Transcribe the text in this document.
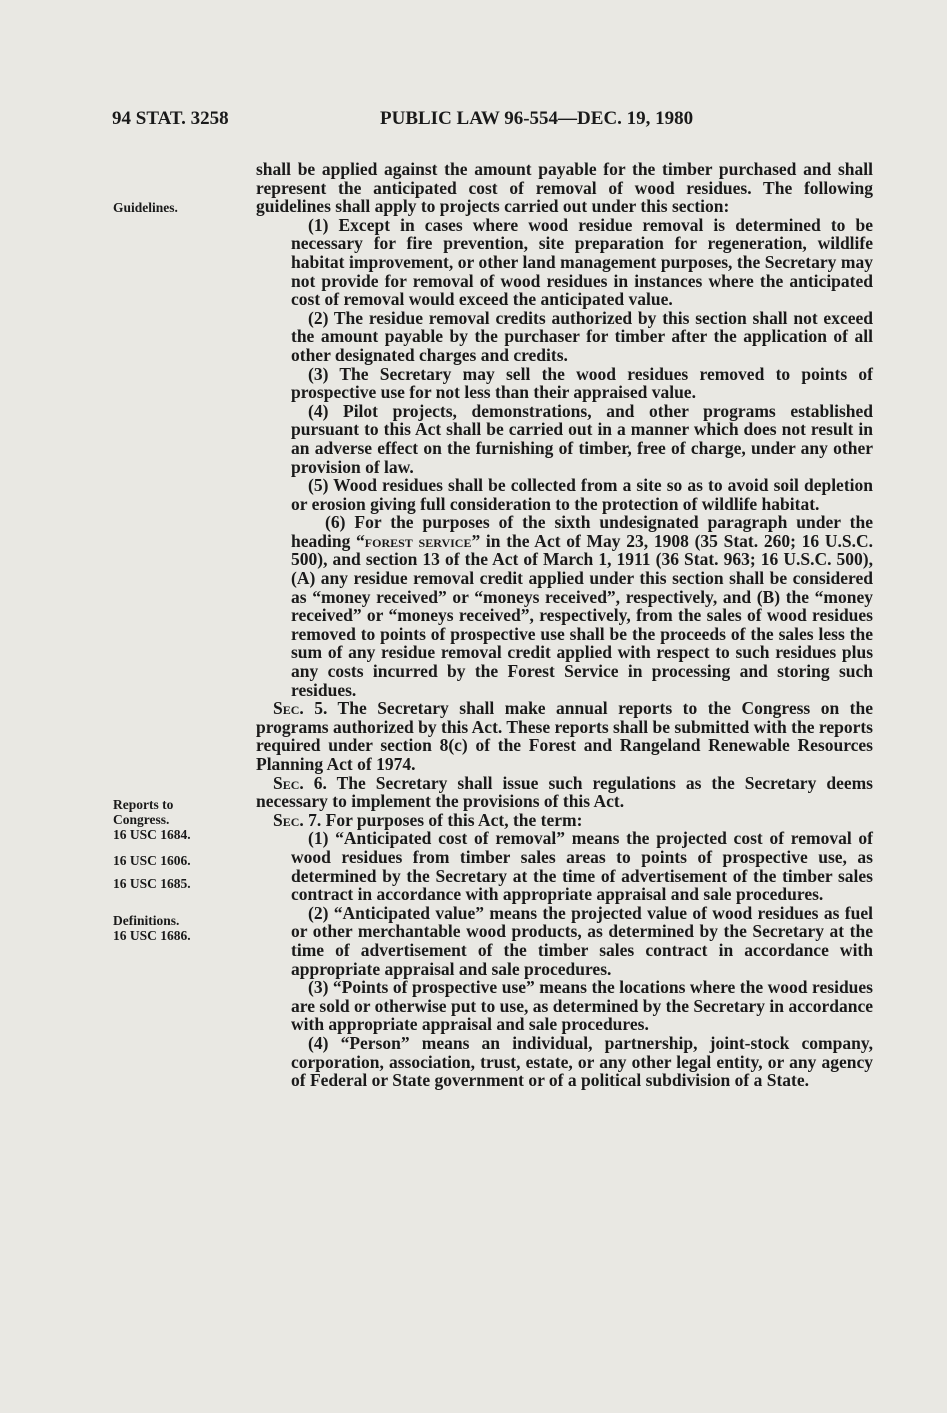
94 STAT. 3258	PUBLIC LAW 96-554—DEC. 19, 1980
Guidelines.
Reports to
Congress.
16 USC 1684.
16 USC 1606.
16 USC 1685.
Definitions.
16 USC 1686.

shall be applied against the amount payable for the timber purchased and shall represent the anticipated cost of removal of wood residues. The following guidelines shall apply to projects carried out under this section:

(1) Except in cases where wood residue removal is determined to be necessary for fire prevention, site preparation for regeneration, wildlife habitat improvement, or other land management purposes, the Secretary may not provide for removal of wood residues in instances where the anticipated cost of removal would exceed the anticipated value.

(2) The residue removal credits authorized by this section shall not exceed the amount payable by the purchaser for timber after the application of all other designated charges and credits.

(3) The Secretary may sell the wood residues removed to points of prospective use for not less than their appraised value.

(4) Pilot projects, demonstrations, and other programs established pursuant to this Act shall be carried out in a manner which does not result in an adverse effect on the furnishing of timber, free of charge, under any other provision of law.

(5) Wood residues shall be collected from a site so as to avoid soil depletion or erosion giving full consideration to the protection of wildlife habitat.

(6) For the purposes of the sixth undesignated paragraph under the heading “forest service” in the Act of May 23, 1908 (35 Stat. 260; 16 U.S.C. 500), and section 13 of the Act of March 1, 1911 (36 Stat. 963; 16 U.S.C. 500), (A) any residue removal credit applied under this section shall be considered as “money received” or “moneys received”, respectively, and (B) the “money received” or “moneys received”, respectively, from the sales of wood residues removed to points of prospective use shall be the proceeds of the sales less the sum of any residue removal credit applied with respect to such residues plus any costs incurred by the Forest Service in processing and storing such residues.

Sec. 5. The Secretary shall make annual reports to the Congress on the programs authorized by this Act. These reports shall be submitted with the reports required under section 8(c) of the Forest and Rangeland Renewable Resources Planning Act of 1974.

Sec. 6. The Secretary shall issue such regulations as the Secretary deems necessary to implement the provisions of this Act.

Sec. 7. For purposes of this Act, the term:

(1) “Anticipated cost of removal” means the projected cost of removal of wood residues from timber sales areas to points of prospective use, as determined by the Secretary at the time of advertisement of the timber sales contract in accordance with appropriate appraisal and sale procedures.

(2) “Anticipated value” means the projected value of wood residues as fuel or other merchantable wood products, as determined by the Secretary at the time of advertisement of the timber sales contract in accordance with appropriate appraisal and sale procedures.

(3) “Points of prospective use” means the locations where the wood residues are sold or otherwise put to use, as determined by the Secretary in accordance with appropriate appraisal and sale procedures.

(4) “Person” means an individual, partnership, joint-stock company, corporation, association, trust, estate, or any other legal entity, or any agency of Federal or State government or of a political subdivision of a State.
